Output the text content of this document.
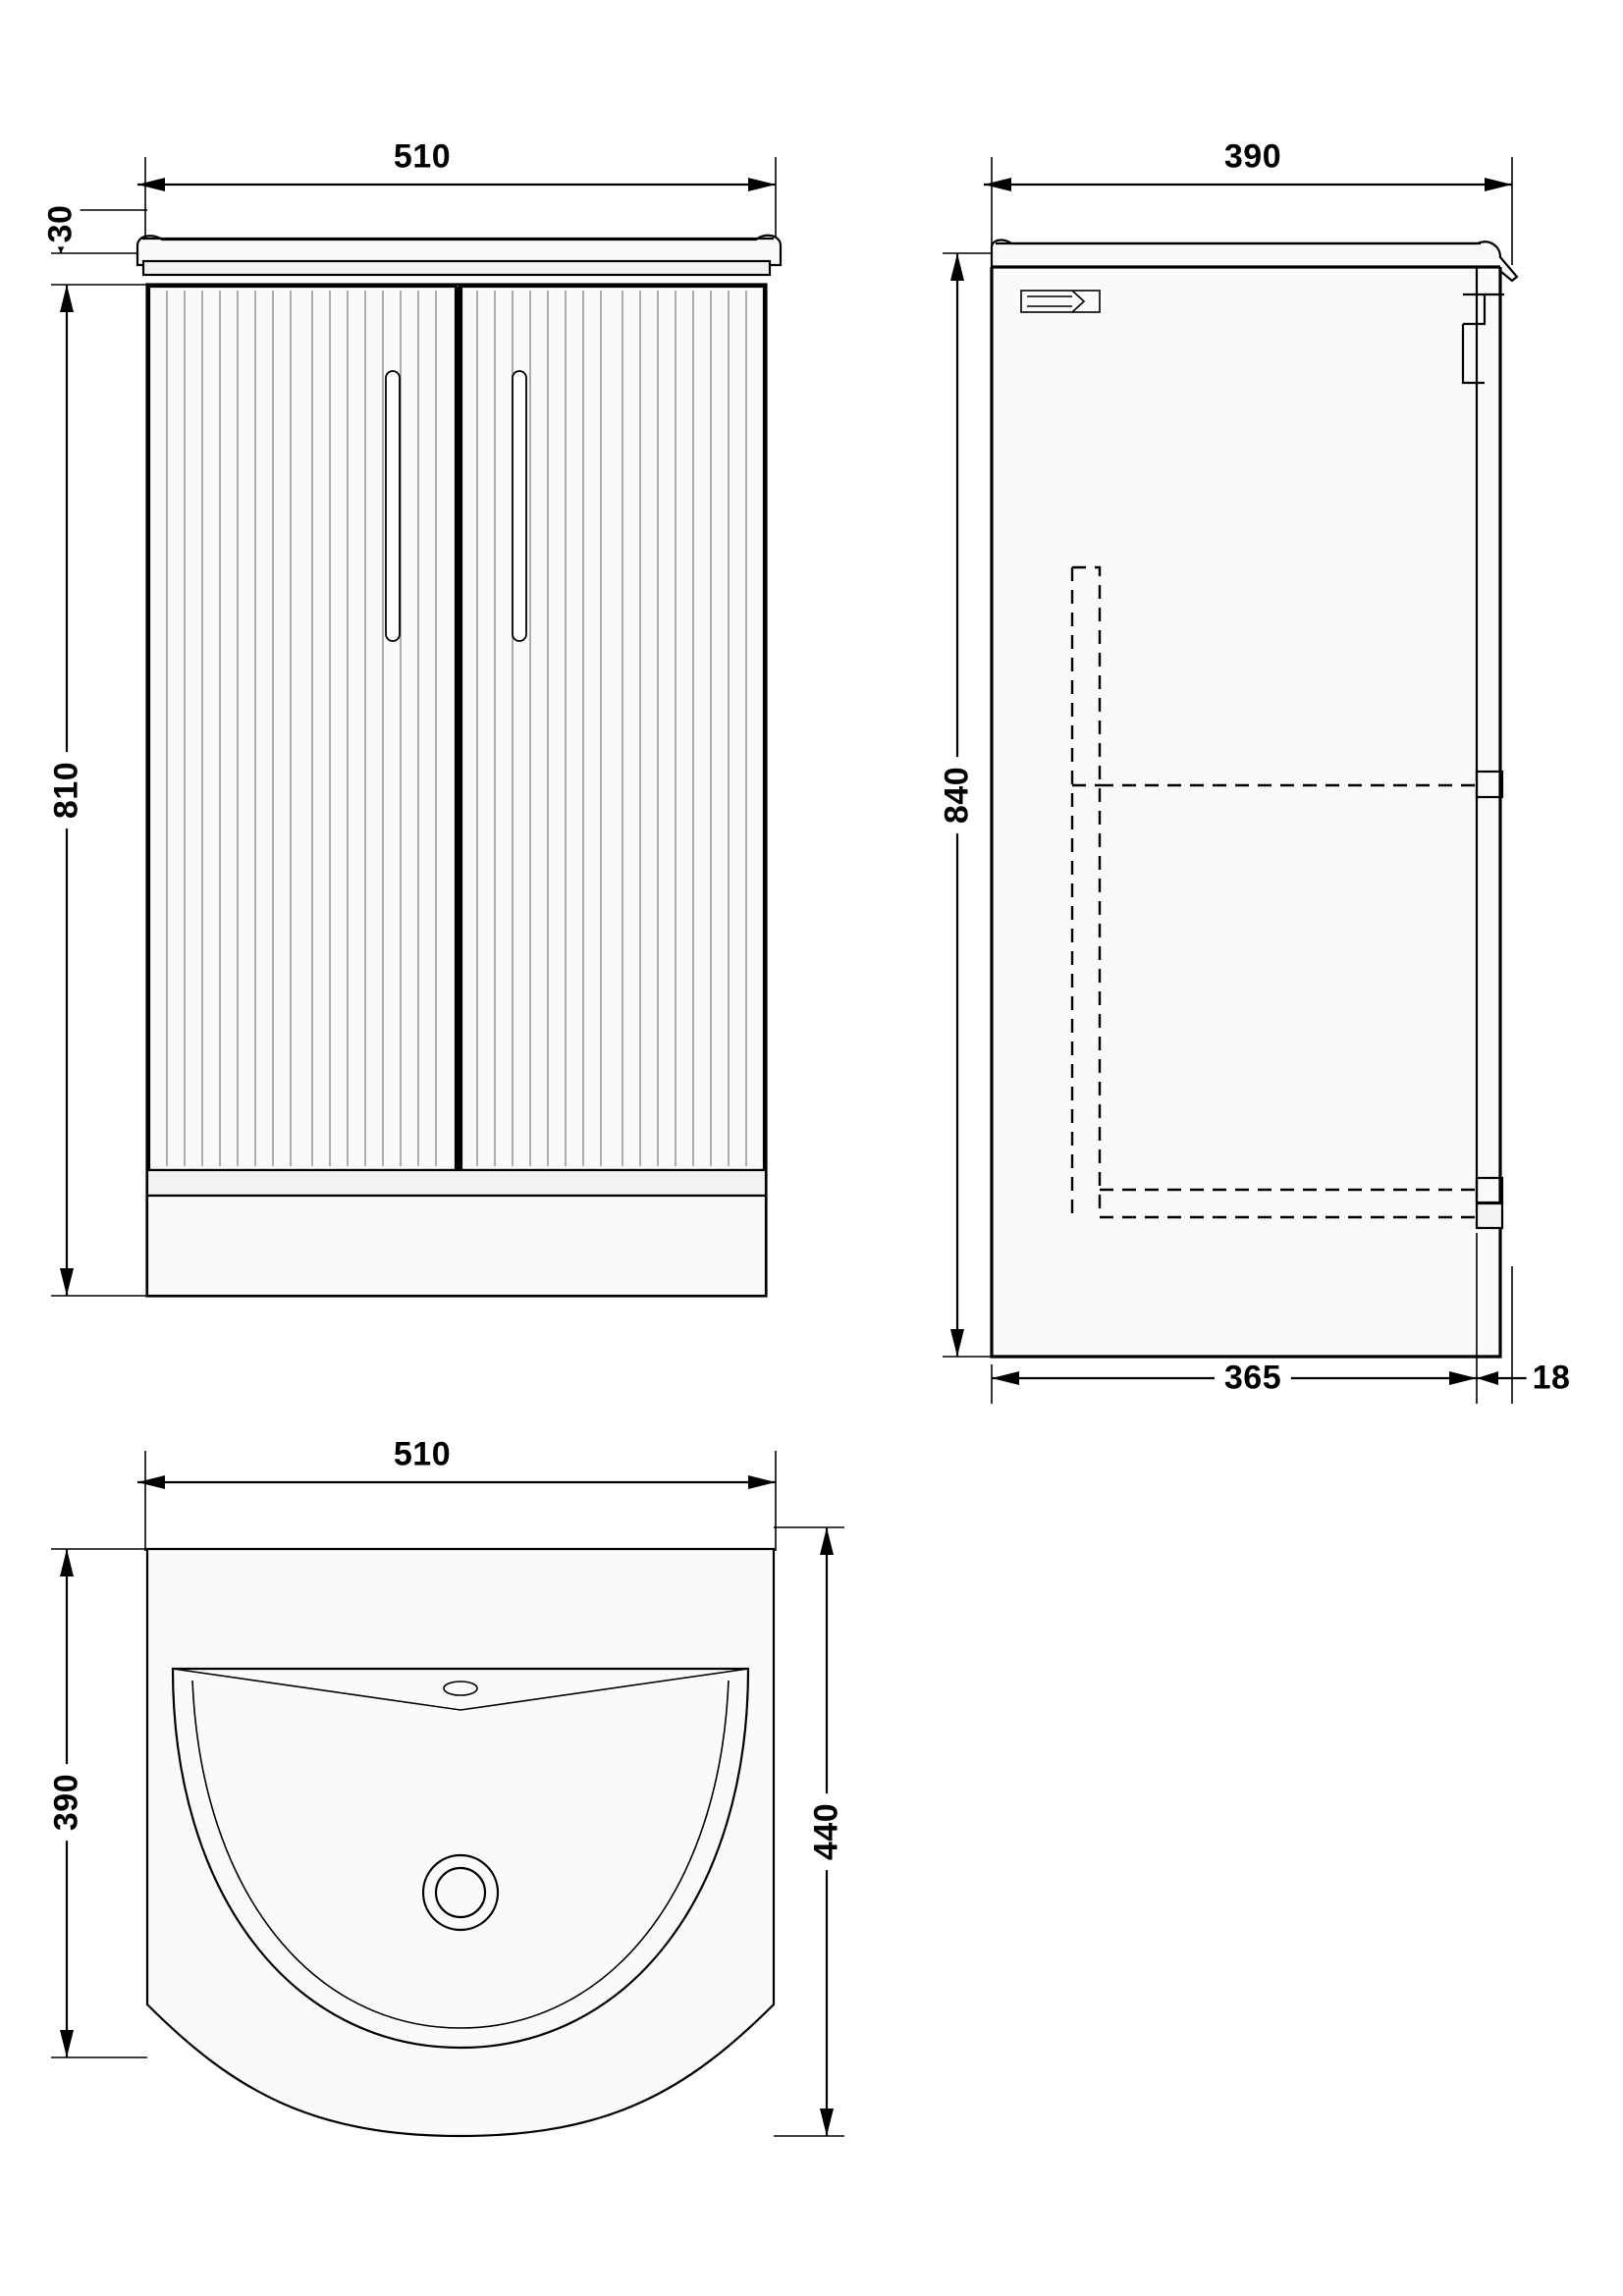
510
30
810
390
840
365	18
510
390
440
